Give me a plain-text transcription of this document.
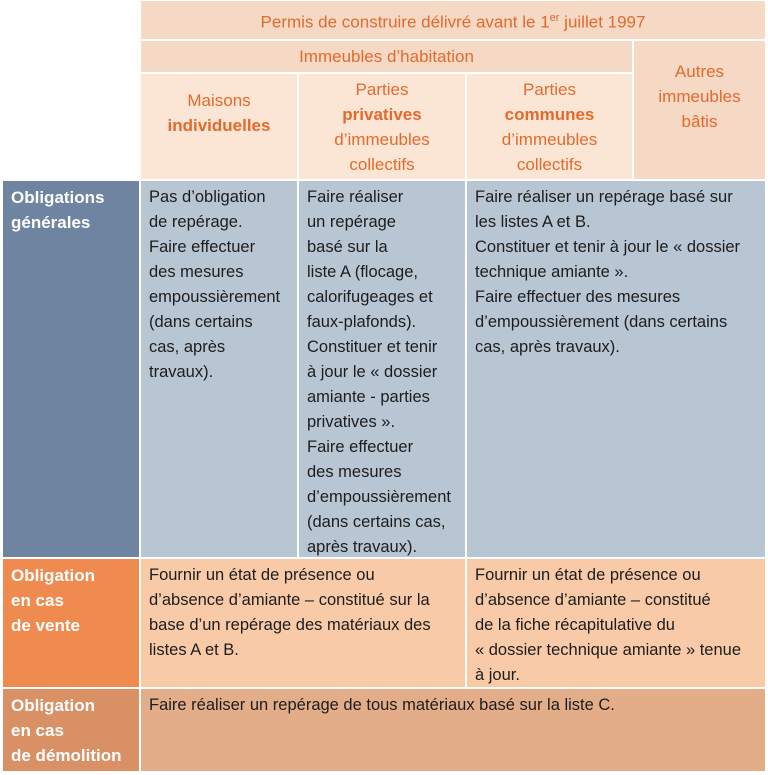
Permis de construire délivré avant le 1er juillet 1997
Immeubles d’habitation
Autres
immeubles
bâtis
Maisons
individuelles
Parties
privatives
d’immeubles
collectifs
Parties
communes
d’immeubles
collectifs
Obligations
générales
Pas d’obligation
de repérage.
Faire effectuer
des mesures
empoussièrement
(dans certains
cas, après
travaux).
Faire réaliser
un repérage
basé sur la
liste A (flocage,
calorifugeages et
faux-plafonds).
Constituer et tenir
à jour le « dossier
amiante - parties
privatives ».
Faire effectuer
des mesures
d’empoussièrement
(dans certains cas,
après travaux).
Faire réaliser un repérage basé sur
les listes A et B.
Constituer et tenir à jour le « dossier
technique amiante ».
Faire effectuer des mesures
d’empoussièrement (dans certains
cas, après travaux).
Obligation
en cas
de vente
Fournir un état de présence ou
d’absence d’amiante – constitué sur la
base d’un repérage des matériaux des
listes A et B.
Fournir un état de présence ou
d’absence d’amiante – constitué
de la fiche récapitulative du
« dossier technique amiante » tenue
à jour.
Obligation
en cas
de démolition
Faire réaliser un repérage de tous matériaux basé sur la liste C.
